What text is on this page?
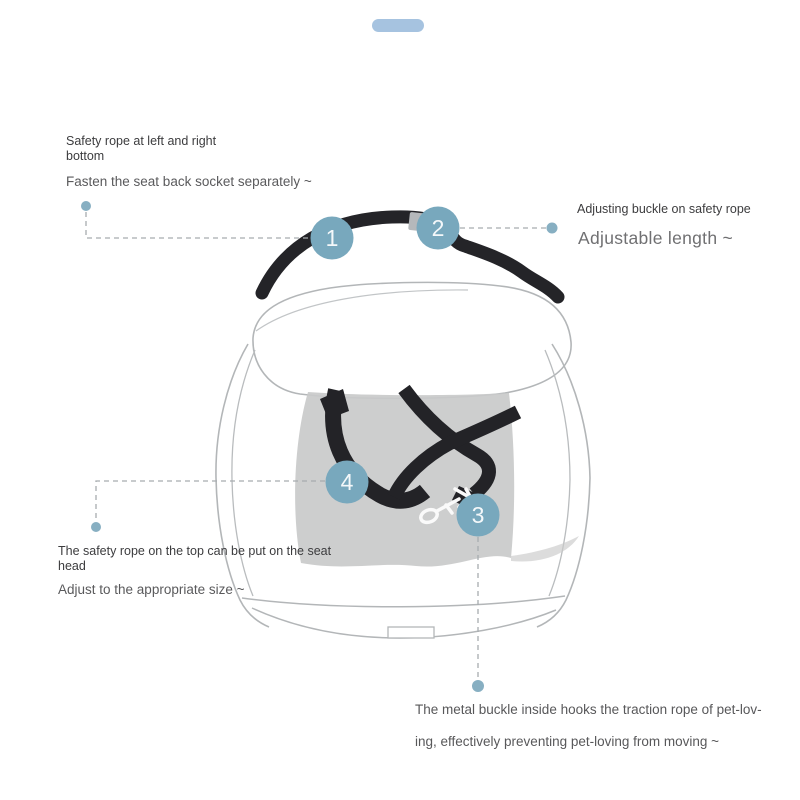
1	2
3
4
Safety rope at left and right
bottom
Fasten the seat back socket separately ~
Adjusting buckle on safety rope
Adjustable length ~
The safety rope on the top can be put on the seat
head
Adjust to the appropriate size ~
The metal buckle inside hooks the traction rope of pet-lov-
ing, effectively preventing pet-loving from moving ~
